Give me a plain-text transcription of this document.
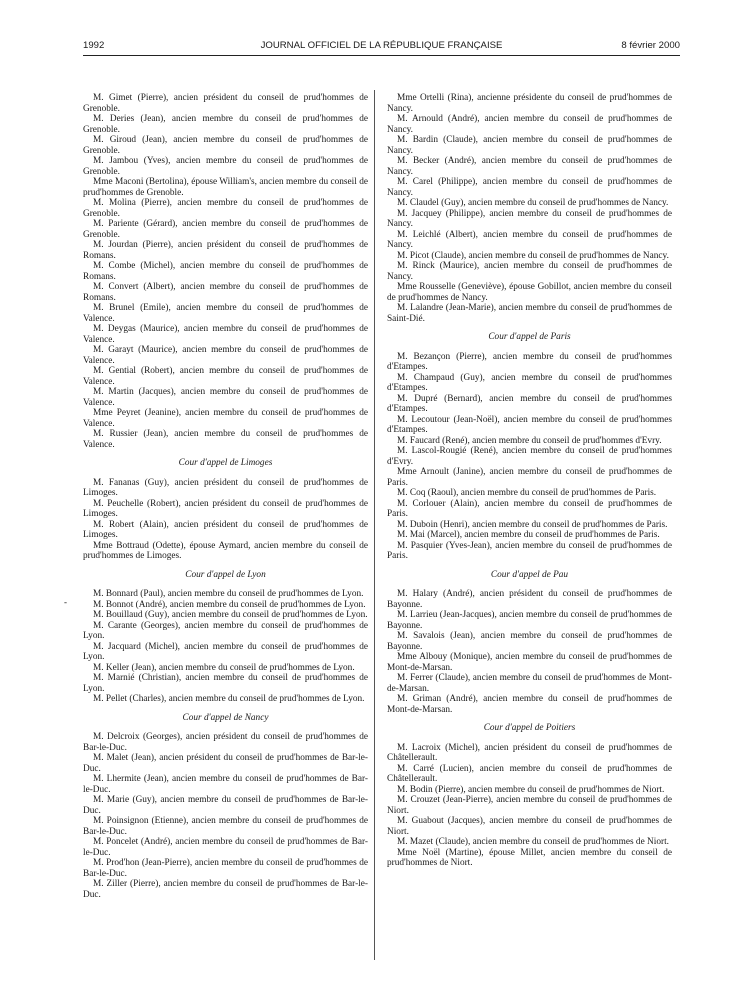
1992	JOURNAL OFFICIEL DE LA RÉPUBLIQUE FRANÇAISE	8 février 2000

M. Gimet (Pierre), ancien président du conseil de prud'hommes de Grenoble.

M. Deries (Jean), ancien membre du conseil de prud'hommes de Grenoble.

M. Giroud (Jean), ancien membre du conseil de prud'hommes de Grenoble.

M. Jambou (Yves), ancien membre du conseil de prud'hommes de Grenoble.

Mme Maconi (Bertolina), épouse William's, ancien membre du conseil de prud'hommes de Grenoble.

M. Molina (Pierre), ancien membre du conseil de prud'hommes de Grenoble.

M. Pariente (Gérard), ancien membre du conseil de prud'hommes de Grenoble.

M. Jourdan (Pierre), ancien président du conseil de prud'hommes de Romans.

M. Combe (Michel), ancien membre du conseil de prud'hommes de Romans.

M. Convert (Albert), ancien membre du conseil de prud'hommes de Romans.

M. Brunel (Emile), ancien membre du conseil de prud'hommes de Valence.

M. Deygas (Maurice), ancien membre du conseil de prud'hommes de Valence.

M. Garayt (Maurice), ancien membre du conseil de prud'hommes de Valence.

M. Gential (Robert), ancien membre du conseil de prud'hommes de Valence.

M. Martin (Jacques), ancien membre du conseil de prud'hommes de Valence.

Mme Peyret (Jeanine), ancien membre du conseil de prud'hommes de Valence.

M. Russier (Jean), ancien membre du conseil de prud'hommes de Valence.

Cour d'appel de Limoges

M. Fananas (Guy), ancien président du conseil de prud'hommes de Limoges.

M. Peuchelle (Robert), ancien président du conseil de prud'hommes de Limoges.

M. Robert (Alain), ancien président du conseil de prud'hommes de Limoges.

Mme Bottraud (Odette), épouse Aymard, ancien membre du conseil de prud'hommes de Limoges.

Cour d'appel de Lyon

M. Bonnard (Paul), ancien membre du conseil de prud'hommes de Lyon.

M. Bonnot (André), ancien membre du conseil de prud'hommes de Lyon.

M. Bouillaud (Guy), ancien membre du conseil de prud'hommes de Lyon.

M. Carante (Georges), ancien membre du conseil de prud'hommes de Lyon.

M. Jacquard (Michel), ancien membre du conseil de prud'hommes de Lyon.

M. Keller (Jean), ancien membre du conseil de prud'hommes de Lyon.

M. Marnié (Christian), ancien membre du conseil de prud'hommes de Lyon.

M. Pellet (Charles), ancien membre du conseil de prud'hommes de Lyon.

Cour d'appel de Nancy

M. Delcroix (Georges), ancien président du conseil de prud'hommes de Bar-le-Duc.

M. Malet (Jean), ancien président du conseil de prud'hommes de Bar-le-Duc.

M. Lhermite (Jean), ancien membre du conseil de prud'hommes de Bar-le-Duc.

M. Marie (Guy), ancien membre du conseil de prud'hommes de Bar-le-Duc.

M. Poinsignon (Etienne), ancien membre du conseil de prud'hommes de Bar-le-Duc.

M. Poncelet (André), ancien membre du conseil de prud'hommes de Bar-le-Duc.

M. Prod'hon (Jean-Pierre), ancien membre du conseil de prud'hommes de Bar-le-Duc.

M. Ziller (Pierre), ancien membre du conseil de prud'hommes de Bar-le-Duc.

Mme Ortelli (Rina), ancienne présidente du conseil de prud'hommes de Nancy.

M. Arnould (André), ancien membre du conseil de prud'hommes de Nancy.

M. Bardin (Claude), ancien membre du conseil de prud'hommes de Nancy.

M. Becker (André), ancien membre du conseil de prud'hommes de Nancy.

M. Carel (Philippe), ancien membre du conseil de prud'hommes de Nancy.

M. Claudel (Guy), ancien membre du conseil de prud'hommes de Nancy.

M. Jacquey (Philippe), ancien membre du conseil de prud'hommes de Nancy.

M. Leichlé (Albert), ancien membre du conseil de prud'hommes de Nancy.

M. Picot (Claude), ancien membre du conseil de prud'hommes de Nancy.

M. Rinck (Maurice), ancien membre du conseil de prud'hommes de Nancy.

Mme Rousselle (Geneviève), épouse Gobillot, ancien membre du conseil de prud'hommes de Nancy.

M. Lalandre (Jean-Marie), ancien membre du conseil de prud'hommes de Saint-Dié.

Cour d'appel de Paris

M. Bezançon (Pierre), ancien membre du conseil de prud'hommes d'Etampes.

M. Champaud (Guy), ancien membre du conseil de prud'hommes d'Etampes.

M. Dupré (Bernard), ancien membre du conseil de prud'hommes d'Etampes.

M. Lecoutour (Jean-Noël), ancien membre du conseil de prud'hommes d'Etampes.

M. Faucard (René), ancien membre du conseil de prud'hommes d'Evry.

M. Lascol-Rougié (René), ancien membre du conseil de prud'hommes d'Evry.

Mme Arnoult (Janine), ancien membre du conseil de prud'hommes de Paris.

M. Coq (Raoul), ancien membre du conseil de prud'hommes de Paris.

M. Corlouer (Alain), ancien membre du conseil de prud'hommes de Paris.

M. Duboin (Henri), ancien membre du conseil de prud'hommes de Paris.

M. Mai (Marcel), ancien membre du conseil de prud'hommes de Paris.

M. Pasquier (Yves-Jean), ancien membre du conseil de prud'hommes de Paris.

Cour d'appel de Pau

M. Halary (André), ancien président du conseil de prud'hommes de Bayonne.

M. Larrieu (Jean-Jacques), ancien membre du conseil de prud'hommes de Bayonne.

M. Savalois (Jean), ancien membre du conseil de prud'hommes de Bayonne.

Mme Albouy (Monique), ancien membre du conseil de prud'hommes de Mont-de-Marsan.

M. Ferrer (Claude), ancien membre du conseil de prud'hommes de Mont-de-Marsan.

M. Griman (André), ancien membre du conseil de prud'hommes de Mont-de-Marsan.

Cour d'appel de Poitiers

M. Lacroix (Michel), ancien président du conseil de prud'hommes de Châtellerault.

M. Carré (Lucien), ancien membre du conseil de prud'hommes de Châtellerault.

M. Bodin (Pierre), ancien membre du conseil de prud'hommes de Niort.

M. Crouzet (Jean-Pierre), ancien membre du conseil de prud'hommes de Niort.

M. Guabout (Jacques), ancien membre du conseil de prud'hommes de Niort.

M. Mazet (Claude), ancien membre du conseil de prud'hommes de Niort.

Mme Noël (Martine), épouse Millet, ancien membre du conseil de prud'hommes de Niort.

-
